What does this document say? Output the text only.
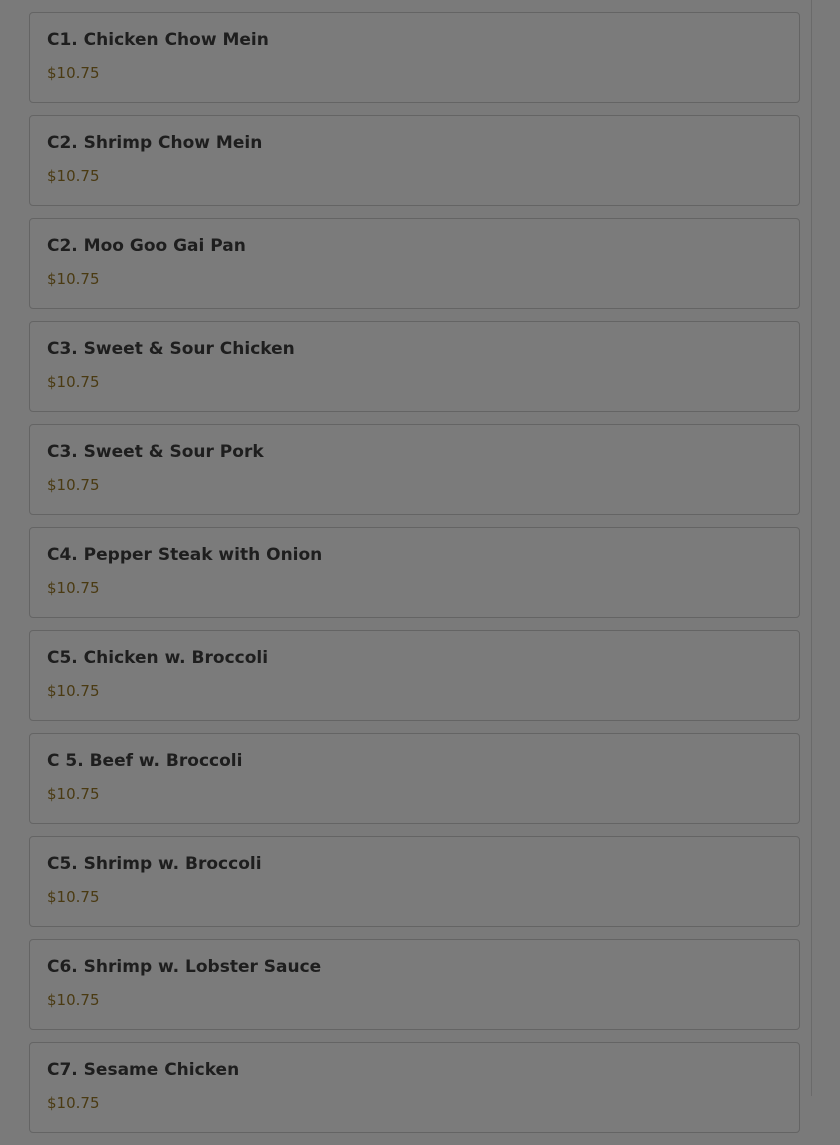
C1. Chicken Chow Mein
$10.75
C2. Shrimp Chow Mein
$10.75
C2. Moo Goo Gai Pan
$10.75
C3. Sweet & Sour Chicken
$10.75
C3. Sweet & Sour Pork
$10.75
C4. Pepper Steak with Onion
$10.75
C5. Chicken w. Broccoli
$10.75
C 5. Beef w. Broccoli
$10.75
C5. Shrimp w. Broccoli
$10.75
C6. Shrimp w. Lobster Sauce
$10.75
C7. Sesame Chicken
$10.75
